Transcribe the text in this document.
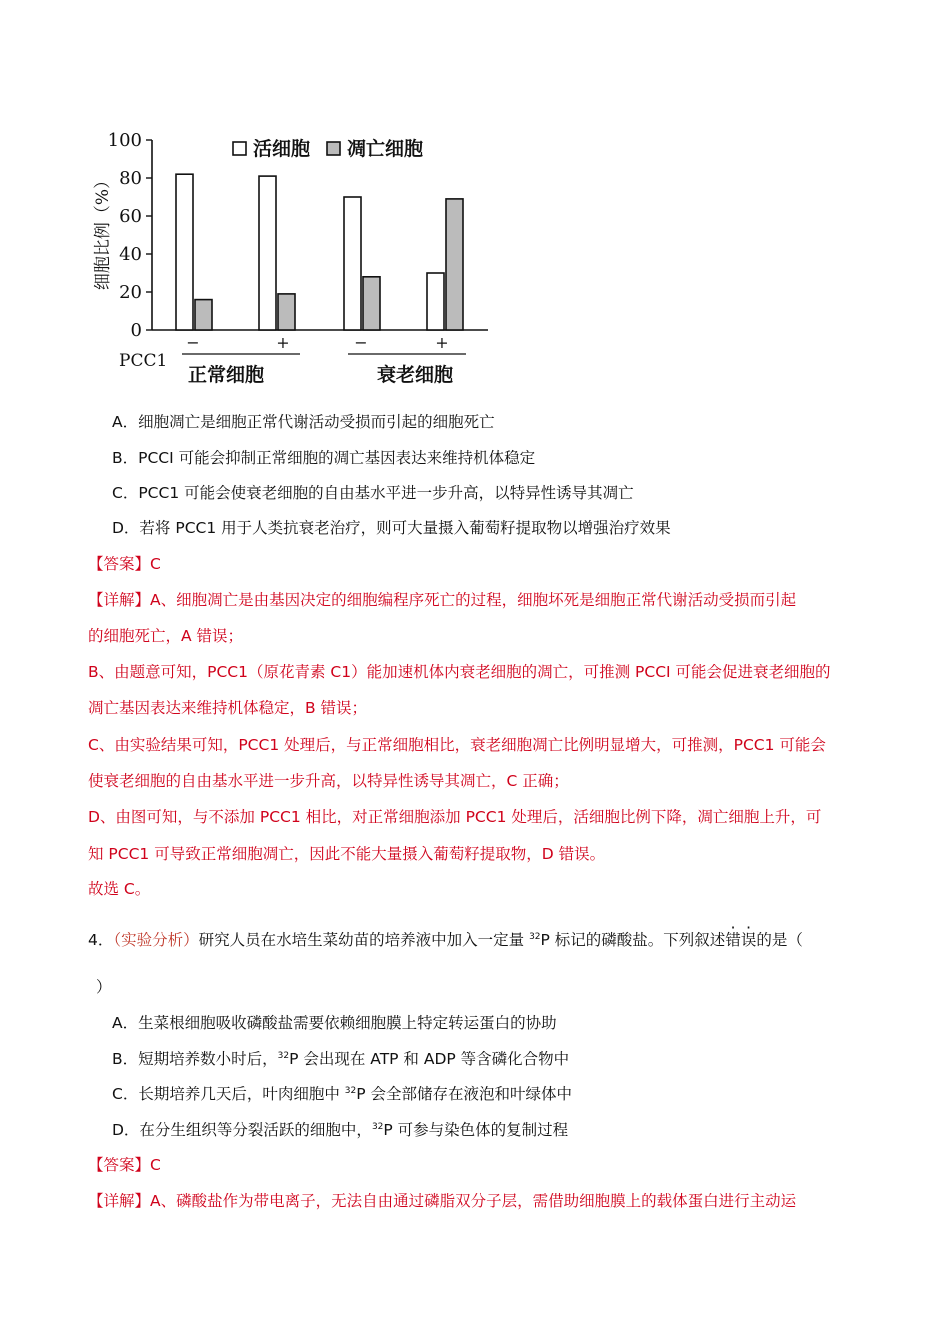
0
20
40
60
80
100
细胞比例（%）
活细胞 凋亡细胞
−	+	−	+
PCC1
正常细胞	衰老细胞
A．细胞凋亡是细胞正常代谢活动受损而引起的细胞死亡
B．PCCI 可能会抑制正常细胞的凋亡基因表达来维持机体稳定
C．PCC1 可能会使衰老细胞的自由基水平进一步升高，以特异性诱导其凋亡
D．若将 PCC1 用于人类抗衰老治疗，则可大量摄入葡萄籽提取物以增强治疗效果
【答案】C
【详解】A、细胞凋亡是由基因决定的细胞编程序死亡的过程，细胞坏死是细胞正常代谢活动受损而引起
的细胞死亡，A 错误；
B、由题意可知，PCC1（原花青素 C1）能加速机体内衰老细胞的凋亡，可推测 PCCI 可能会促进衰老细胞的
凋亡基因表达来维持机体稳定，B 错误；
C、由实验结果可知，PCC1 处理后，与正常细胞相比，衰老细胞凋亡比例明显增大，可推测，PCC1 可能会
使衰老细胞的自由基水平进一步升高，以特异性诱导其凋亡，C 正确；
D、由图可知，与不添加 PCC1 相比，对正常细胞添加 PCC1 处理后，活细胞比例下降，凋亡细胞上升，可
知 PCC1 可导致正常细胞凋亡，因此不能大量摄入葡萄籽提取物，D 错误。
故选 C。
4．（实验分析）研究人员在水培生菜幼苗的培养液中加入一定量 $^{32}$P 标记的磷酸盐。下列叙述错误的是（
）
A．生菜根细胞吸收磷酸盐需要依赖细胞膜上特定转运蛋白的协助
B．短期培养数小时后，$^{32}$P 会出现在 ATP 和 ADP 等含磷化合物中
C．长期培养几天后，叶肉细胞中 $^{32}$P 会全部储存在液泡和叶绿体中
D．在分生组织等分裂活跃的细胞中，$^{32}$P 可参与染色体的复制过程
【答案】C
【详解】A、磷酸盐作为带电离子，无法自由通过磷脂双分子层，需借助细胞膜上的载体蛋白进行主动运
